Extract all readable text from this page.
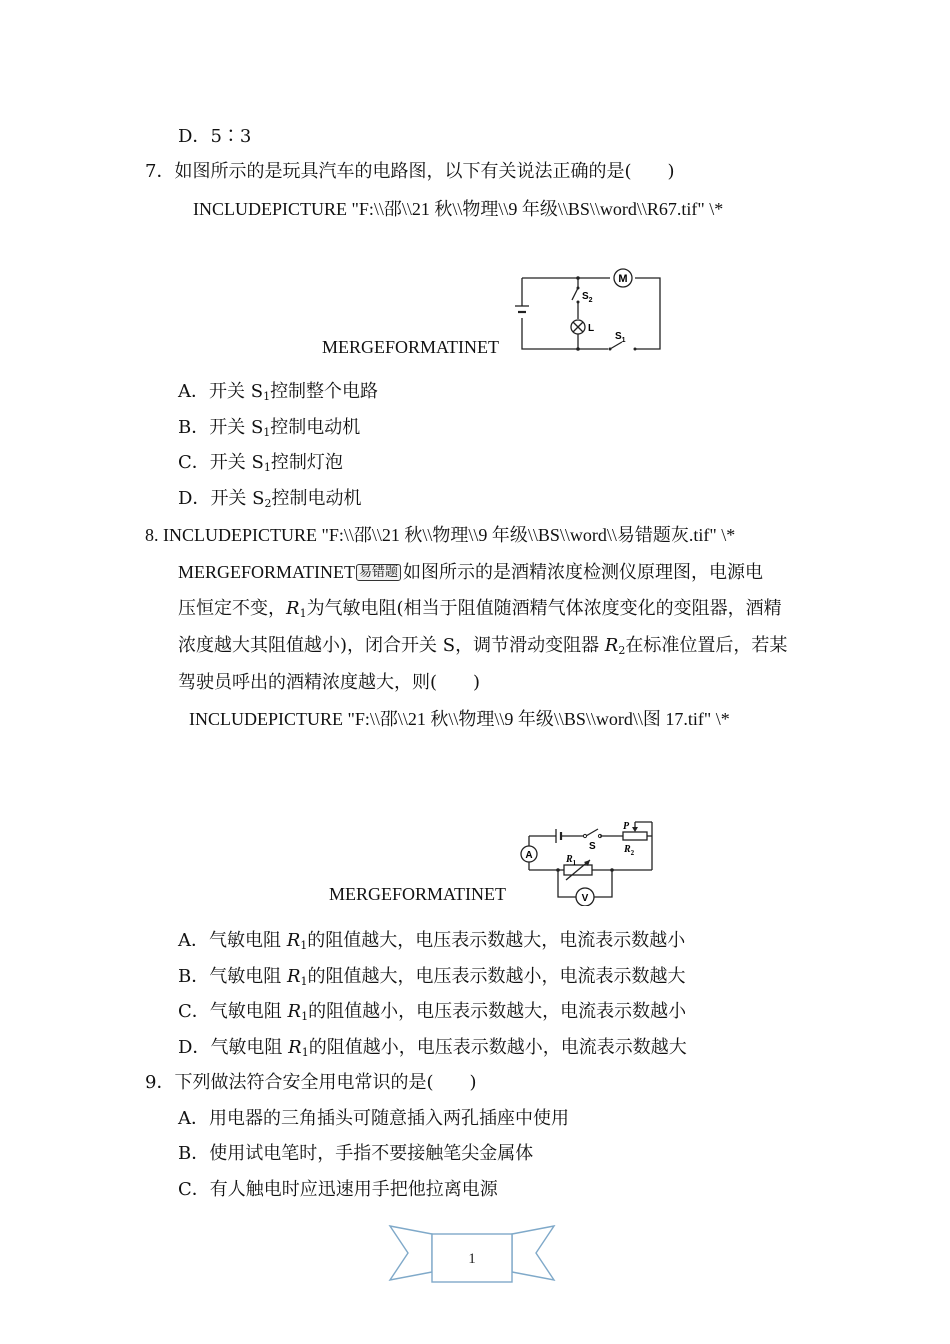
D．5∶3
7．如图所示的是玩具汽车的电路图，以下有关说法正确的是(　　)
INCLUDEPICTURE "F:\\邵\\21 秋\\物理\\9 年级\\BS\\word\\R67.tif" \*
MERGEFORMATINET
M
$S_2$
L
$S_1$
A．开关 $S_1$控制整个电路
B．开关 $S_1$控制电动机
C．开关 $S_1$控制灯泡
D．开关 $S_2$控制电动机
8. INCLUDEPICTURE "F:\\邵\\21 秋\\物理\\9 年级\\BS\\word\\易错题灰.tif" \*
MERGEFORMATINET 易错题 如图所示的是酒精浓度检测仪原理图，电源电
压恒定不变，$R_1$为气敏电阻(相当于阻值随酒精气体浓度变化的变阻器，酒精
浓度越大其阻值越小)，闭合开关 S，调节滑动变阻器 $R_2$在标准位置后，若某
驾驶员呼出的酒精浓度越大，则(　　)
INCLUDEPICTURE "F:\\邵\\21 秋\\物理\\9 年级\\BS\\word\\图 17.tif" \*
MERGEFORMATINET
A
V
P
S	$R_2$
$R_1$
A．气敏电阻 $R_1$的阻值越大，电压表示数越大，电流表示数越小
B．气敏电阻 $R_1$的阻值越大，电压表示数越小，电流表示数越大
C．气敏电阻 $R_1$的阻值越小，电压表示数越大，电流表示数越小
D．气敏电阻 $R_1$的阻值越小，电压表示数越小，电流表示数越大
9．下列做法符合安全用电常识的是(　　)
A．用电器的三角插头可随意插入两孔插座中使用
B．使用试电笔时，手指不要接触笔尖金属体
C．有人触电时应迅速用手把他拉离电源
1
